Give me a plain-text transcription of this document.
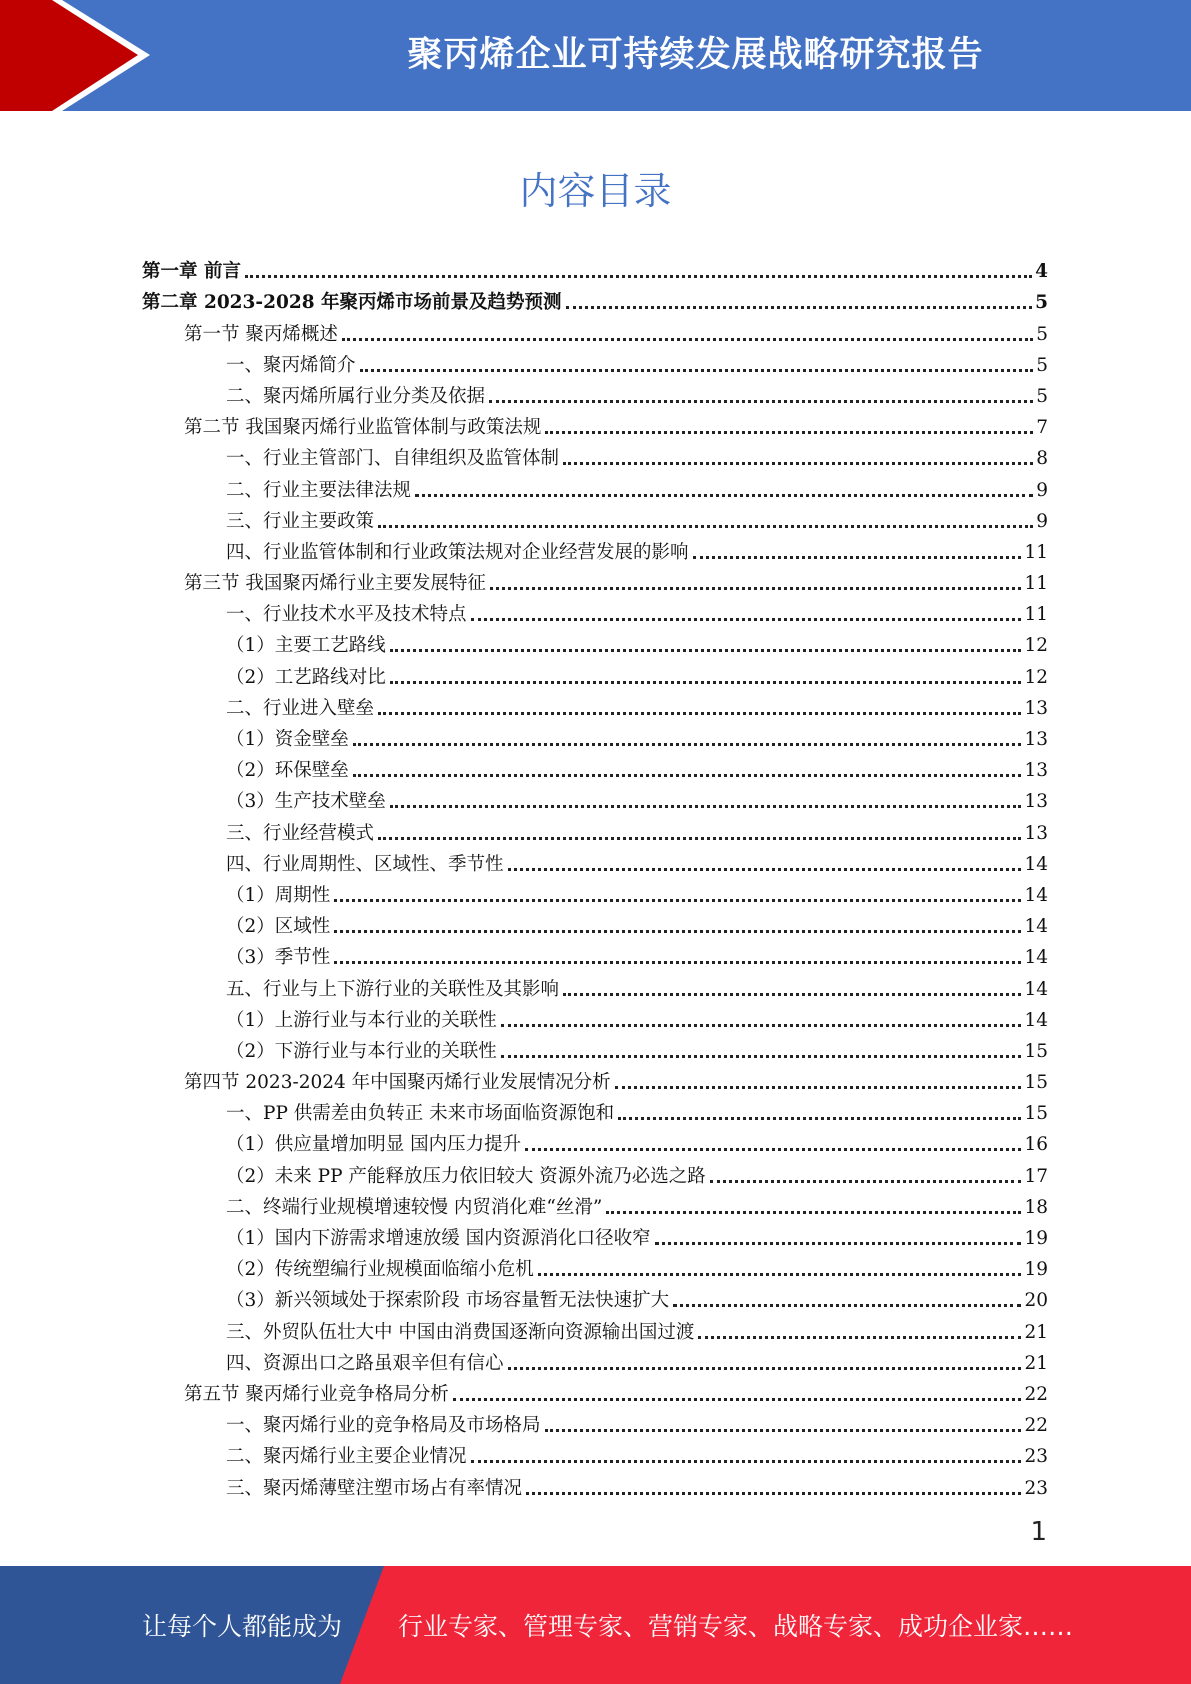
聚丙烯企业可持续发展战略研究报告
内容目录
第一章 前言	4
第二章 2023-2028 年聚丙烯市场前景及趋势预测	5
第一节 聚丙烯概述	5
一、聚丙烯简介	5
二、聚丙烯所属行业分类及依据	5
第二节 我国聚丙烯行业监管体制与政策法规	7
一、行业主管部门、自律组织及监管体制	8
二、行业主要法律法规	9
三、行业主要政策	9
四、行业监管体制和行业政策法规对企业经营发展的影响	11
第三节 我国聚丙烯行业主要发展特征	11
一、行业技术水平及技术特点	11
（1）主要工艺路线	12
（2）工艺路线对比	12
二、行业进入壁垒	13
（1）资金壁垒	13
（2）环保壁垒	13
（3）生产技术壁垒	13
三、行业经营模式	13
四、行业周期性、区域性、季节性	14
（1）周期性	14
（2）区域性	14
（3）季节性	14
五、行业与上下游行业的关联性及其影响	14
（1）上游行业与本行业的关联性	14
（2）下游行业与本行业的关联性	15
第四节 2023-2024 年中国聚丙烯行业发展情况分析	15
一、PP 供需差由负转正 未来市场面临资源饱和	15
（1）供应量增加明显 国内压力提升	16
（2）未来 PP 产能释放压力依旧较大 资源外流乃必选之路	17
二、终端行业规模增速较慢 内贸消化难“丝滑”	18
（1）国内下游需求增速放缓 国内资源消化口径收窄	19
（2）传统塑编行业规模面临缩小危机	19
（3）新兴领域处于探索阶段 市场容量暂无法快速扩大	20
三、外贸队伍壮大中 中国由消费国逐渐向资源输出国过渡	21
四、资源出口之路虽艰辛但有信心	21
第五节 聚丙烯行业竞争格局分析	22
一、聚丙烯行业的竞争格局及市场格局	22
二、聚丙烯行业主要企业情况	23
三、聚丙烯薄壁注塑市场占有率情况	23
1
让每个人都能成为 行业专家、管理专家、营销专家、战略专家、成功企业家……
